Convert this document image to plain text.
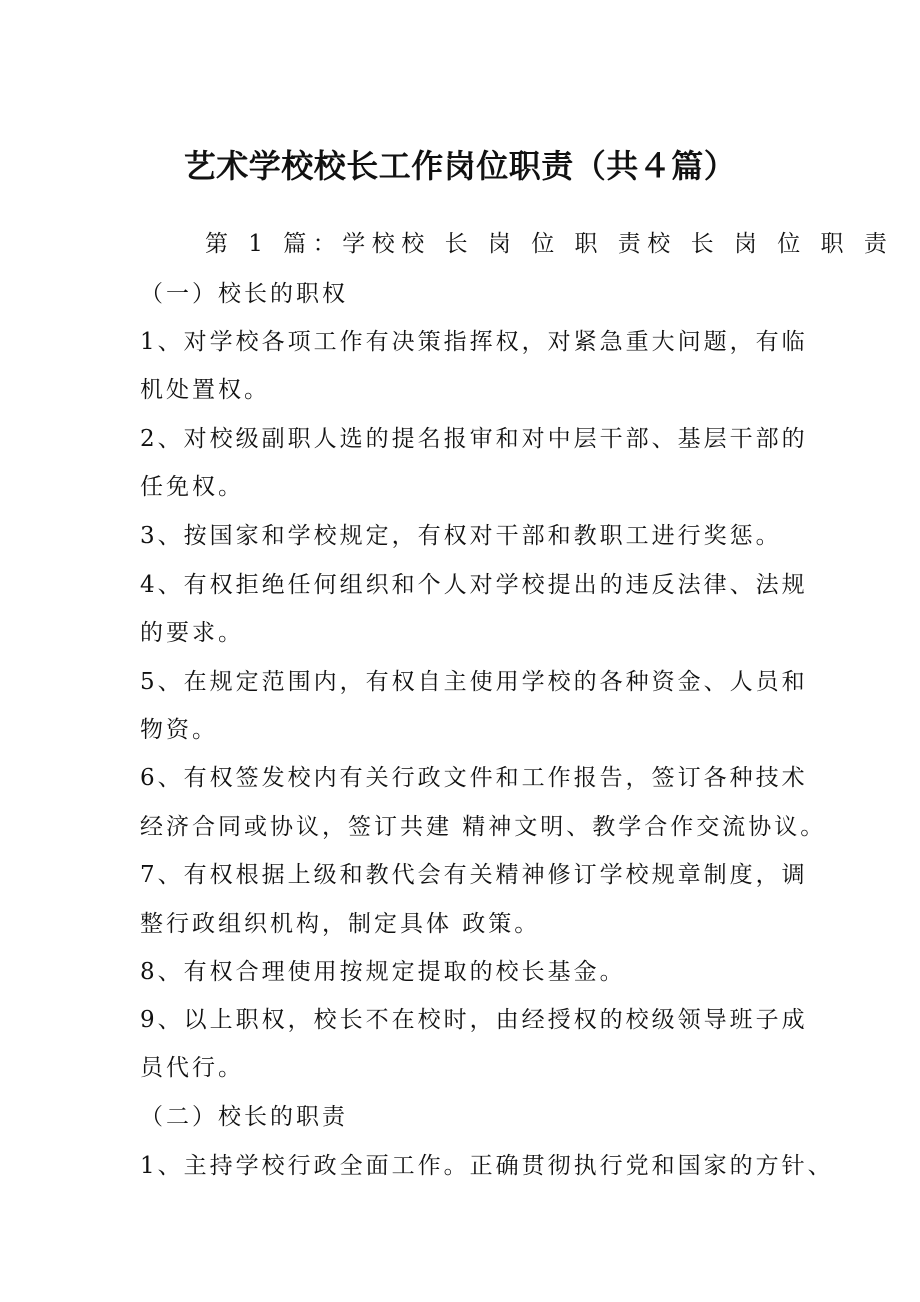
艺术学校校长工作岗位职责（共４篇）
第 1 篇：学校校 长 岗 位 职 责校 长 岗 位 职 责
（一）校长的职权
1、对学校各项工作有决策指挥权，对紧急重大问题，有临
机处置权。
2、对校级副职人选的提名报审和对中层干部、基层干部的
任免权。
3、按国家和学校规定，有权对干部和教职工进行奖惩。
4、有权拒绝任何组织和个人对学校提出的违反法律、法规
的要求。
5、在规定范围内，有权自主使用学校的各种资金、人员和
物资。
6、有权签发校内有关行政文件和工作报告，签订各种技术
经济合同或协议，签订共建 精神文明、教学合作交流协议。
7、有权根据上级和教代会有关精神修订学校规章制度，调
整行政组织机构，制定具体 政策。
8、有权合理使用按规定提取的校长基金。
9、以上职权，校长不在校时，由经授权的校级领导班子成
员代行。
（二）校长的职责
1、主持学校行政全面工作。正确贯彻执行党和国家的方针、
